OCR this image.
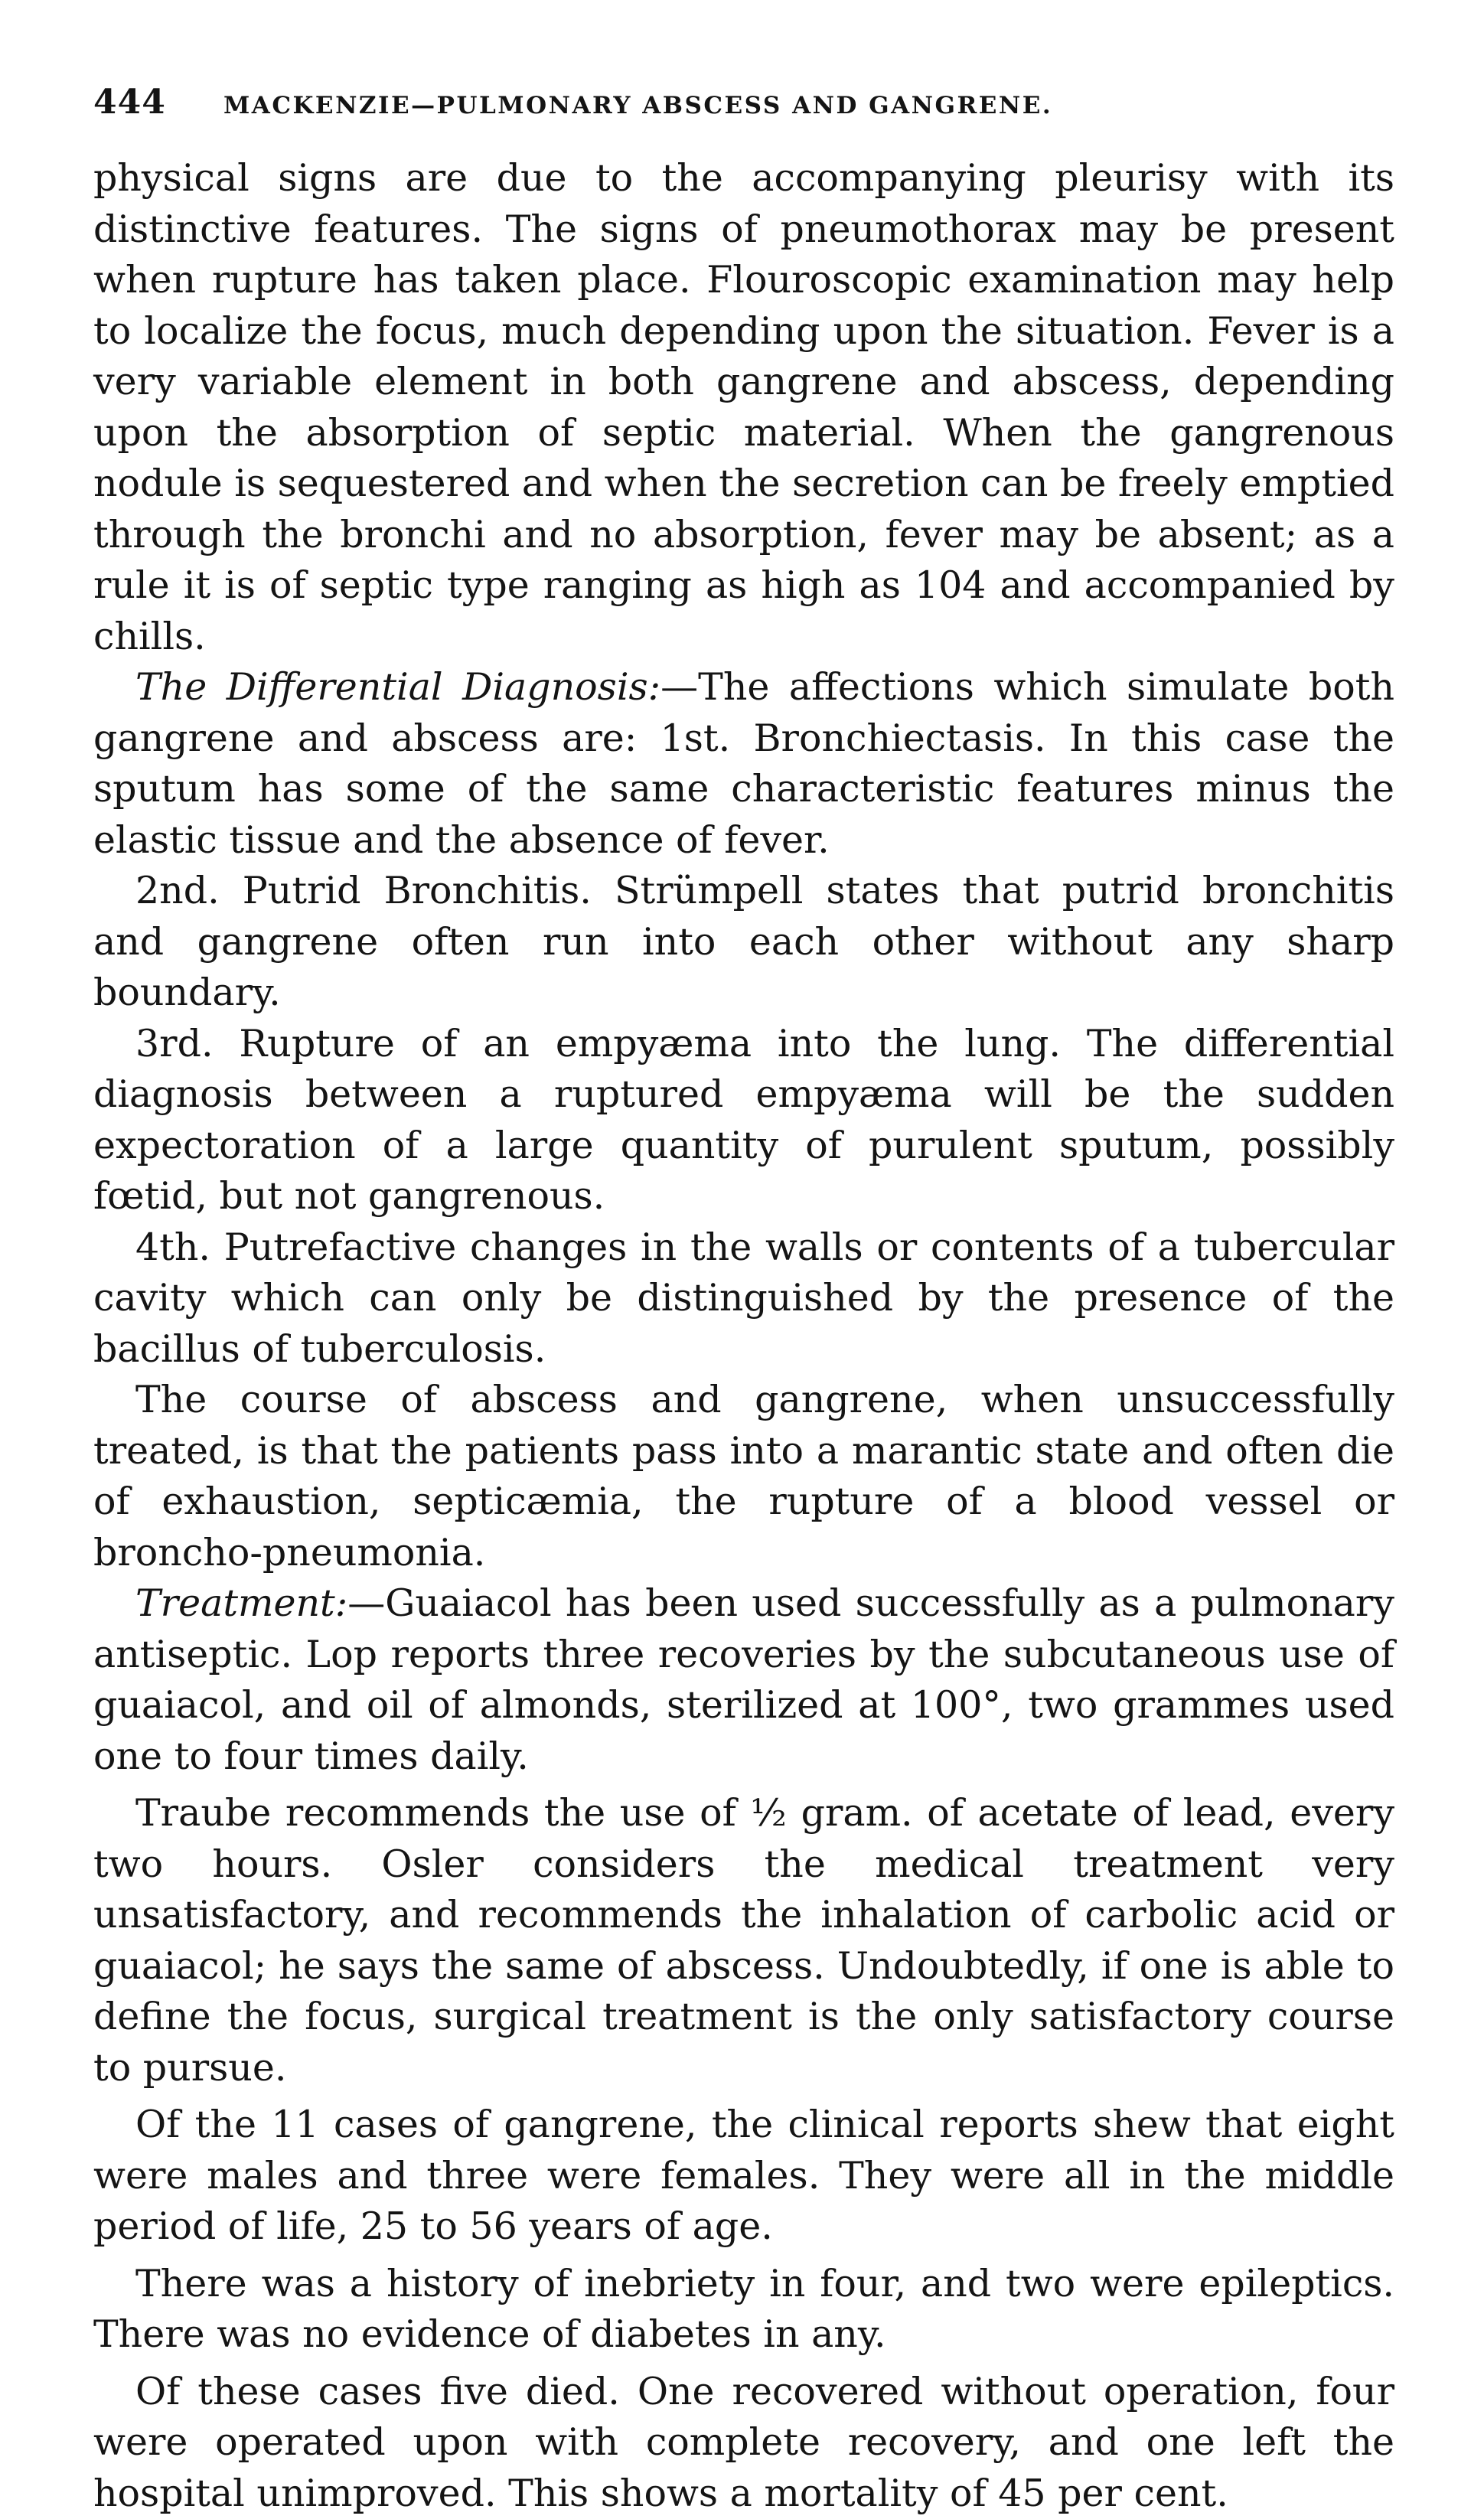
444 MACKENZIE—PULMONARY ABSCESS AND GANGRENE.

physical signs are due to the accompanying pleurisy with its distinctive features. The signs of pneumothorax may be present when rupture has taken place. Flouroscopic examination may help to localize the focus, much depending upon the situation. Fever is a very variable element in both gangrene and abscess, depending upon the absorption of septic material. When the gangrenous nodule is sequestered and when the secretion can be freely emptied through the bronchi and no absorption, fever may be absent; as a rule it is of septic type ranging as high as 104 and accompanied by chills.

The Differential Diagnosis:—The affections which simulate both gangrene and abscess are: 1st. Bronchiectasis. In this case the sputum has some of the same characteristic features minus the elastic tissue and the absence of fever.

2nd. Putrid Bronchitis. Strümpell states that putrid bronchitis and gangrene often run into each other without any sharp boundary.

3rd. Rupture of an empyæma into the lung. The differential diagnosis between a ruptured empyæma will be the sudden expectoration of a large quantity of purulent sputum, possibly fœtid, but not gangrenous.

4th. Putrefactive changes in the walls or contents of a tubercular cavity which can only be distinguished by the presence of the bacillus of tuberculosis.

The course of abscess and gangrene, when unsuccessfully treated, is that the patients pass into a marantic state and often die of exhaustion, septicæmia, the rupture of a blood vessel or broncho-pneumonia.

Treatment:—Guaiacol has been used successfully as a pulmonary antiseptic. Lop reports three recoveries by the subcutaneous use of guaiacol, and oil of almonds, sterilized at 100°, two grammes used one to four times daily.

Traube recommends the use of ½ gram. of acetate of lead, every two hours. Osler considers the medical treatment very unsatisfactory, and recommends the inhalation of carbolic acid or guaiacol; he says the same of abscess. Undoubtedly, if one is able to define the focus, surgical treatment is the only satisfactory course to pursue.

Of the 11 cases of gangrene, the clinical reports shew that eight were males and three were females. They were all in the middle period of life, 25 to 56 years of age.

There was a history of inebriety in four, and two were epileptics. There was no evidence of diabetes in any.

Of these cases five died. One recovered without operation, four were operated upon with complete recovery, and one left the hospital unimproved. This shows a mortality of 45 per cent.
